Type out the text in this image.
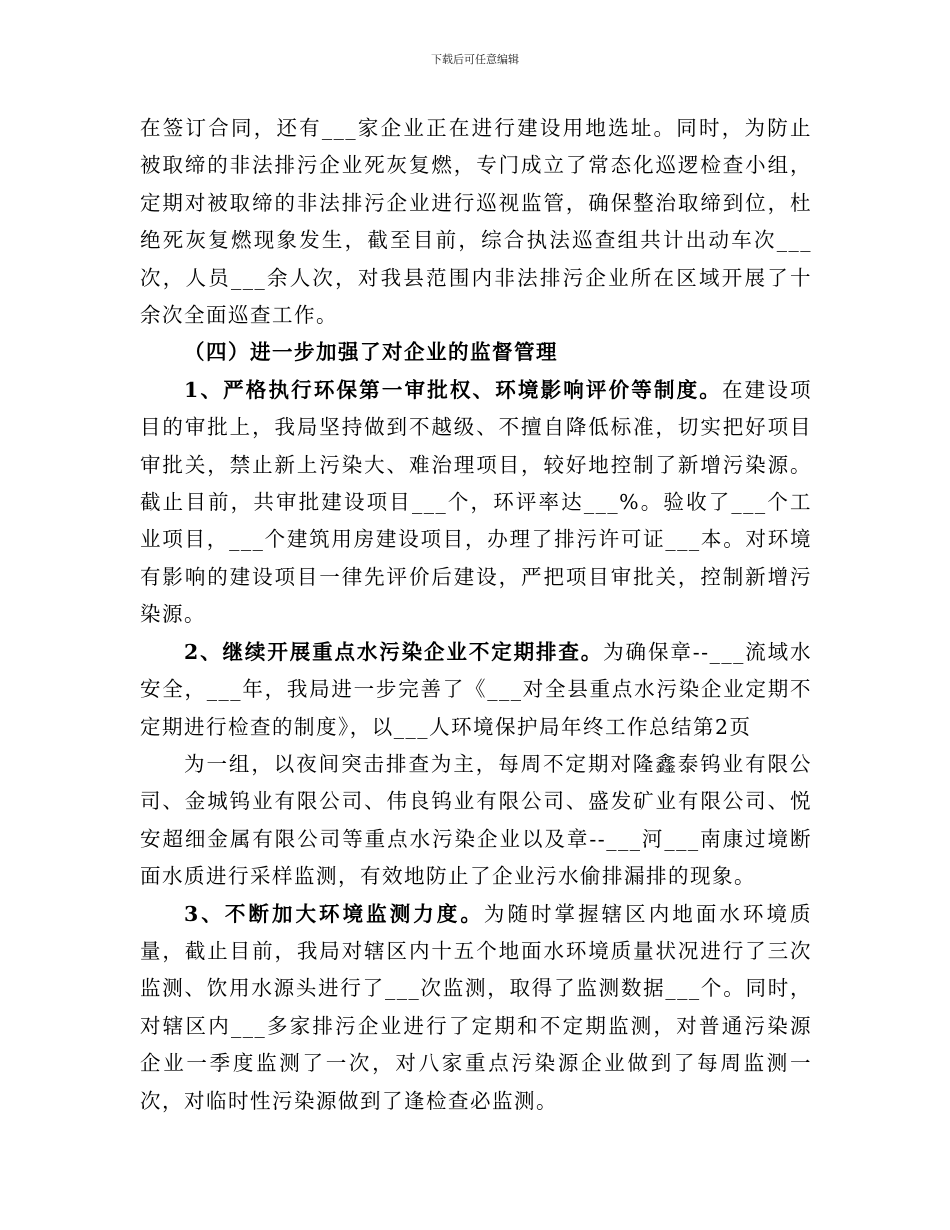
下载后可任意编辑

在签订合同，还有___家企业正在进行建设用地选址。同时，为防止被取缔的非法排污企业死灰复燃，专门成立了常态化巡逻检查小组，定期对被取缔的非法排污企业进行巡视监管，确保整治取缔到位，杜绝死灰复燃现象发生，截至目前，综合执法巡查组共计出动车次___次，人员___余人次，对我县范围内非法排污企业所在区域开展了十余次全面巡查工作。

（四）进一步加强了对企业的监督管理

1、严格执行环保第一审批权、环境影响评价等制度。在建设项目的审批上，我局坚持做到不越级、不擅自降低标准，切实把好项目审批关，禁止新上污染大、难治理项目，较好地控制了新增污染源。截止目前，共审批建设项目___个，环评率达___%。验收了___个工业项目，___个建筑用房建设项目，办理了排污许可证___本。对环境有影响的建设项目一律先评价后建设，严把项目审批关，控制新增污染源。

2、继续开展重点水污染企业不定期排查。为确保章--___流域水安全，___年，我局进一步完善了《___对全县重点水污染企业定期不定期进行检查的制度》，以___人环境保护局年终工作总结第2页

为一组，以夜间突击排查为主，每周不定期对隆鑫泰钨业有限公司、金城钨业有限公司、伟良钨业有限公司、盛发矿业有限公司、悦安超细金属有限公司等重点水污染企业以及章--___河___南康过境断面水质进行采样监测，有效地防止了企业污水偷排漏排的现象。

3、不断加大环境监测力度。为随时掌握辖区内地面水环境质量，截止目前，我局对辖区内十五个地面水环境质量状况进行了三次监测、饮用水源头进行了___次监测，取得了监测数据___个。同时，对辖区内___多家排污企业进行了定期和不定期监测，对普通污染源企业一季度监测了一次，对八家重点污染源企业做到了每周监测一次，对临时性污染源做到了逢检查必监测。
